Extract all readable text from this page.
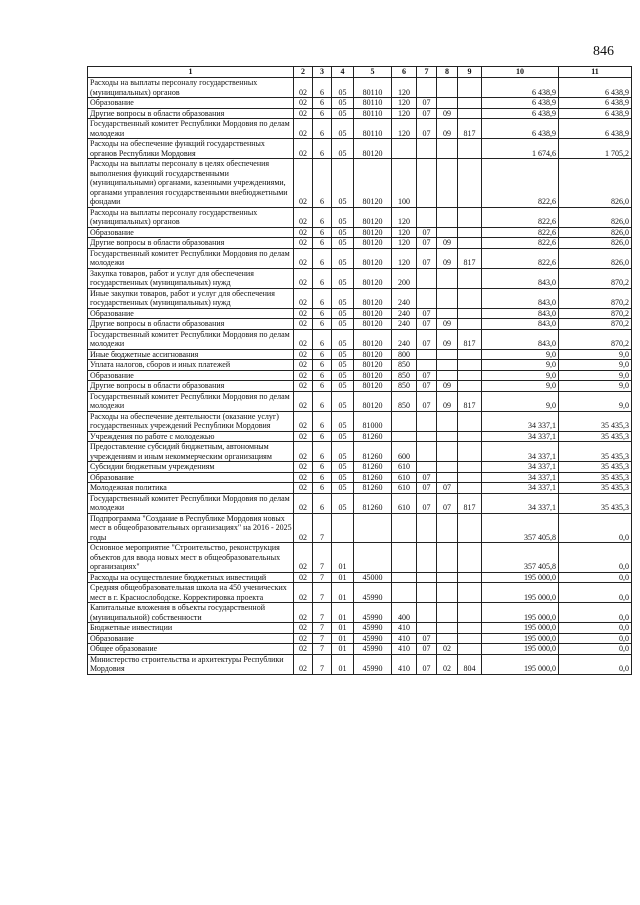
846
1	2	3	4	5	6	7	8	9	10	11
Расходы на выплаты персоналу государственных (муниципальных) органов	02	6	05	80110	120				6 438,9	6 438,9
Образование	02	6	05	80110	120	07			6 438,9	6 438,9
Другие вопросы в области образования	02	6	05	80110	120	07	09		6 438,9	6 438,9
Государственный комитет Республики Мордовия по делам молодежи	02	6	05	80110	120	07	09	817	6 438,9	6 438,9
Расходы на обеспечение функций государственных органов Республики Мордовия	02	6	05	80120					1 674,6	1 705,2
Расходы на выплаты персоналу в целях обеспечения выполнения функций государственными (муниципальными) органами, казенными учреждениями, органами управления государственными внебюджетными фондами	02	6	05	80120	100				822,6	826,0
Расходы на выплаты персоналу государственных (муниципальных) органов	02	6	05	80120	120				822,6	826,0
Образование	02	6	05	80120	120	07			822,6	826,0
Другие вопросы в области образования	02	6	05	80120	120	07	09		822,6	826,0
Государственный комитет Республики Мордовия по делам молодежи	02	6	05	80120	120	07	09	817	822,6	826,0
Закупка товаров, работ и услуг для обеспечения государственных (муниципальных) нужд	02	6	05	80120	200				843,0	870,2
Иные закупки товаров, работ и услуг для обеспечения государственных (муниципальных) нужд	02	6	05	80120	240				843,0	870,2
Образование	02	6	05	80120	240	07			843,0	870,2
Другие вопросы в области образования	02	6	05	80120	240	07	09		843,0	870,2
Государственный комитет Республики Мордовия по делам молодежи	02	6	05	80120	240	07	09	817	843,0	870,2
Иные бюджетные ассигнования	02	6	05	80120	800				9,0	9,0
Уплата налогов, сборов и иных платежей	02	6	05	80120	850				9,0	9,0
Образование	02	6	05	80120	850	07			9,0	9,0
Другие вопросы в области образования	02	6	05	80120	850	07	09		9,0	9,0
Государственный комитет Республики Мордовия по делам молодежи	02	6	05	80120	850	07	09	817	9,0	9,0
Расходы на обеспечение деятельности (оказание услуг) государственных учреждений Республики Мордовия	02	6	05	81000					34 337,1	35 435,3
Учреждения по работе с молодежью	02	6	05	81260					34 337,1	35 435,3
Предоставление субсидий бюджетным, автономным учреждениям и иным некоммерческим организациям	02	6	05	81260	600				34 337,1	35 435,3
Субсидии бюджетным учреждениям	02	6	05	81260	610				34 337,1	35 435,3
Образование	02	6	05	81260	610	07			34 337,1	35 435,3
Молодежная политика	02	6	05	81260	610	07	07		34 337,1	35 435,3
Государственный комитет Республики Мордовия по делам молодежи	02	6	05	81260	610	07	07	817	34 337,1	35 435,3
Подпрограмма "Создание в Республике Мордовия новых мест в общеобразовательных организациях" на 2016 - 2025 годы	02	7							357 405,8	0,0
Основное мероприятие "Строительство, реконструкция объектов для ввода новых мест в общеобразовательных организациях"	02	7	01						357 405,8	0,0
Расходы на осуществление бюджетных инвестиций	02	7	01	45000					195 000,0	0,0
Средняя общеобразовательная школа на 450 ученических мест в г. Краснослободске. Корректировка проекта	02	7	01	45990					195 000,0	0,0
Капитальные вложения в объекты государственной (муниципальной) собственности	02	7	01	45990	400				195 000,0	0,0
Бюджетные инвестиции	02	7	01	45990	410				195 000,0	0,0
Образование	02	7	01	45990	410	07			195 000,0	0,0
Общее образование	02	7	01	45990	410	07	02		195 000,0	0,0
Министерство строительства и архитектуры Республики Мордовия	02	7	01	45990	410	07	02	804	195 000,0	0,0
